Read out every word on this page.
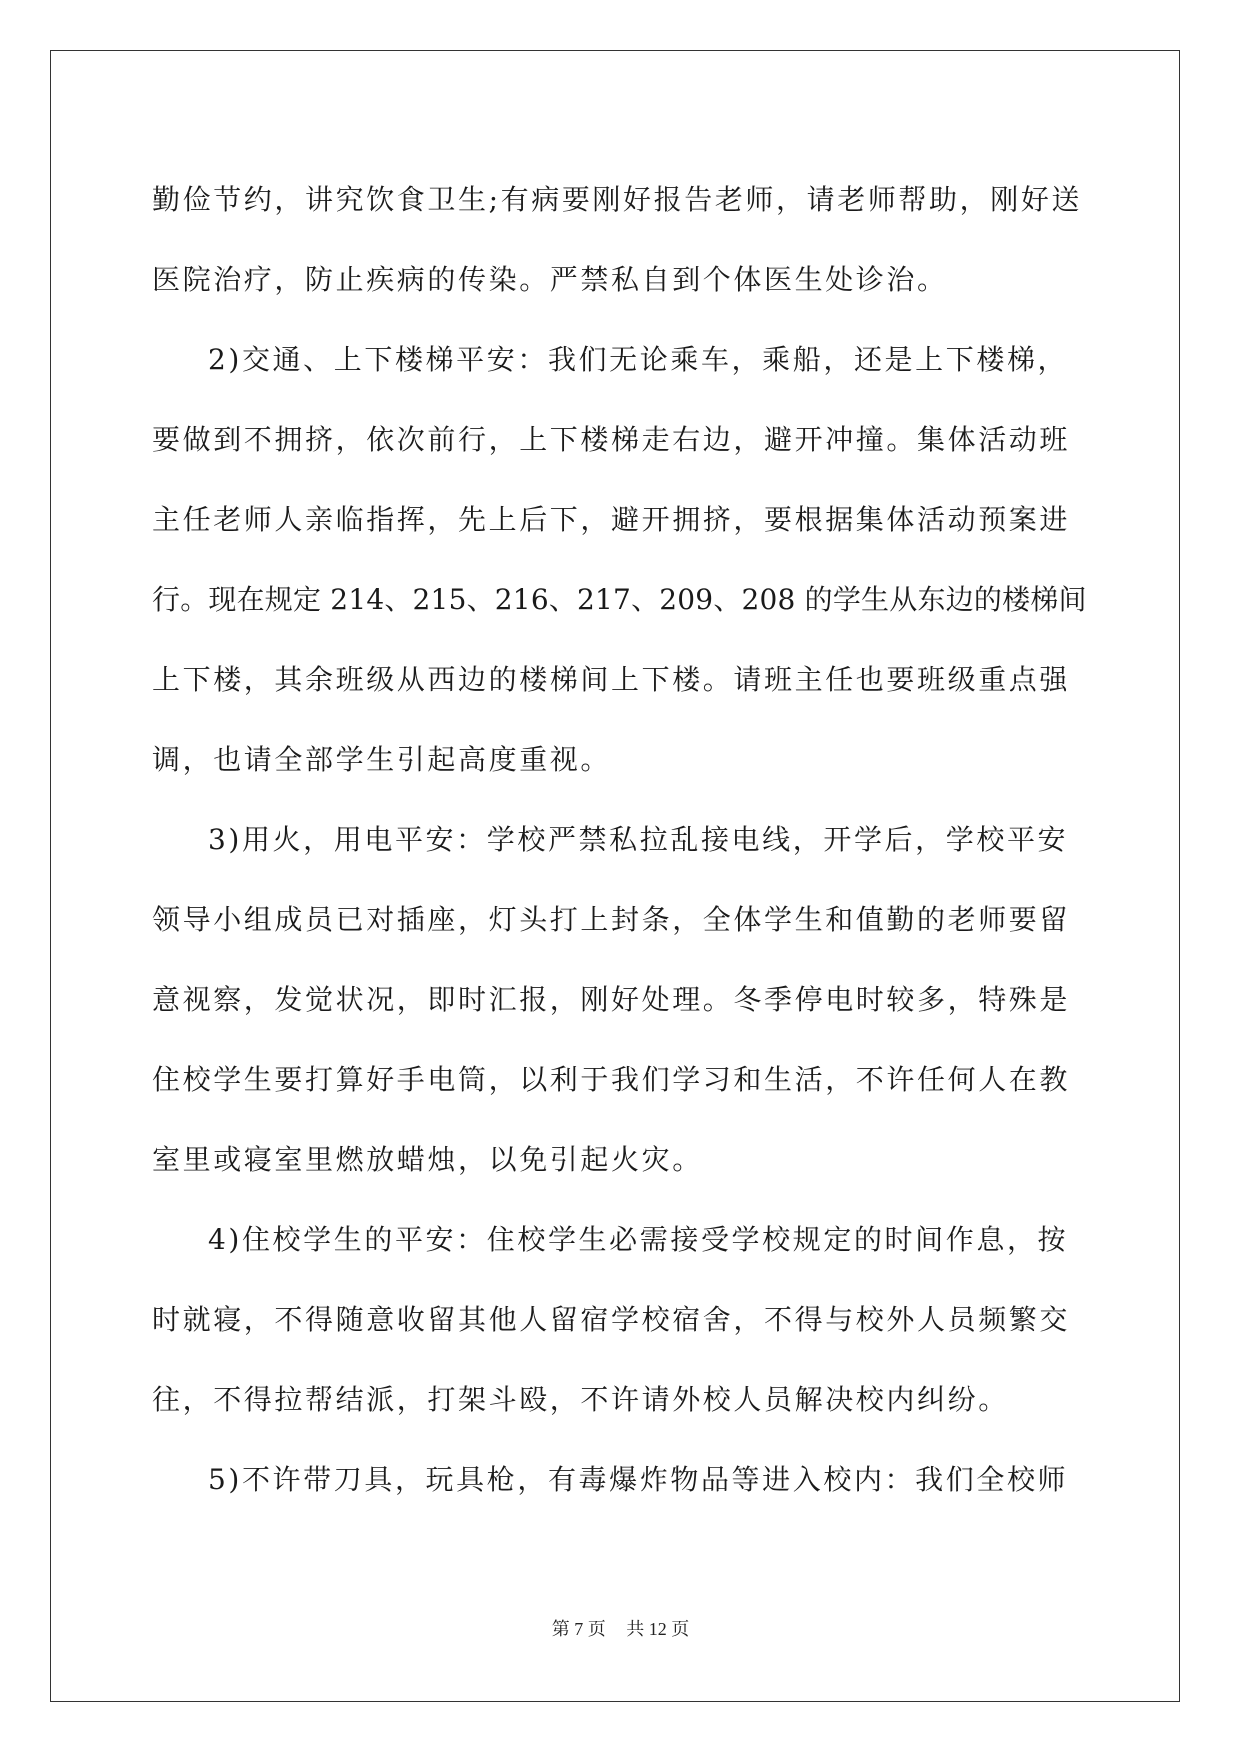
勤俭节约，讲究饮食卫生;有病要刚好报告老师，请老师帮助，刚好送
医院治疗，防止疾病的传染。严禁私自到个体医生处诊治。
2)交通、上下楼梯平安：我们无论乘车，乘船，还是上下楼梯，
要做到不拥挤，依次前行，上下楼梯走右边，避开冲撞。集体活动班
主任老师人亲临指挥，先上后下，避开拥挤，要根据集体活动预案进
行。现在规定 214、215、216、217、209、208 的学生从东边的楼梯间
上下楼，其余班级从西边的楼梯间上下楼。请班主任也要班级重点强
调，也请全部学生引起高度重视。
3)用火，用电平安：学校严禁私拉乱接电线，开学后，学校平安
领导小组成员已对插座，灯头打上封条，全体学生和值勤的老师要留
意视察，发觉状况，即时汇报，刚好处理。冬季停电时较多，特殊是
住校学生要打算好手电筒，以利于我们学习和生活，不许任何人在教
室里或寝室里燃放蜡烛，以免引起火灾。
4)住校学生的平安：住校学生必需接受学校规定的时间作息，按
时就寝，不得随意收留其他人留宿学校宿舍，不得与校外人员频繁交
往，不得拉帮结派，打架斗殴，不许请外校人员解决校内纠纷。
5)不许带刀具，玩具枪，有毒爆炸物品等进入校内：我们全校师
第 7 页 共 12 页
